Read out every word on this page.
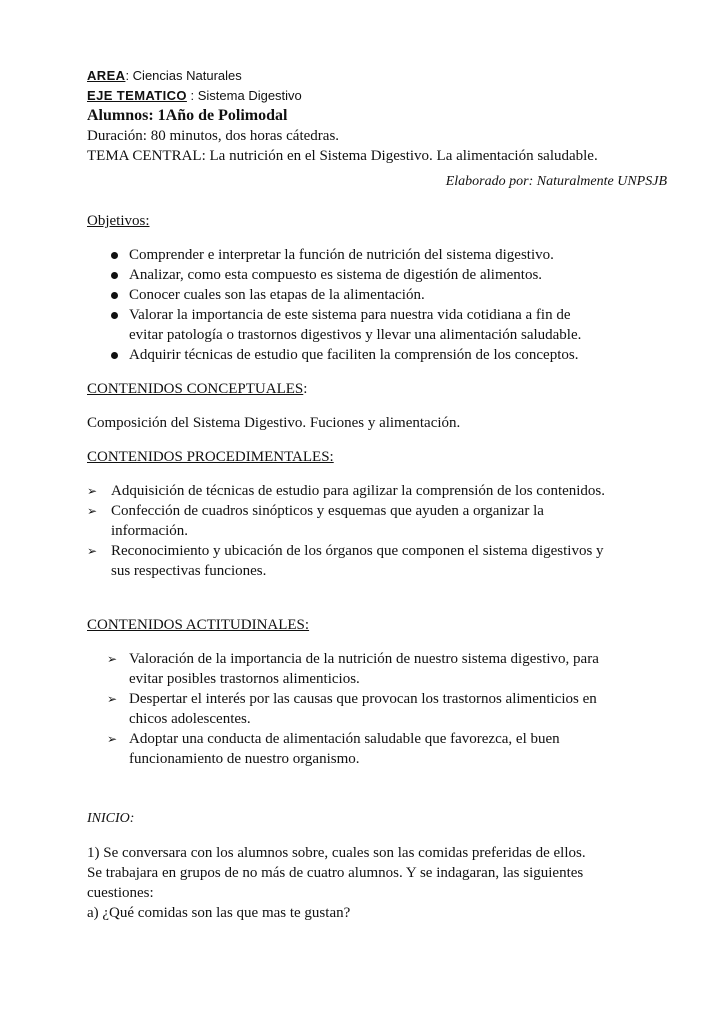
AREA: Ciencias Naturales
EJE TEMATICO : Sistema Digestivo
Alumnos: 1Año de Polimodal
Duración: 80 minutos, dos horas cátedras.
TEMA CENTRAL: La nutrición en el Sistema Digestivo. La alimentación saludable.
Elaborado por: Naturalmente UNPSJB
Objetivos:
Comprender e interpretar la función de nutrición del sistema digestivo.
Analizar, como esta compuesto es sistema de digestión de alimentos.
Conocer cuales son las etapas de la alimentación.
Valorar la importancia de este sistema para nuestra vida cotidiana a fin de
evitar patología o trastornos digestivos y llevar una alimentación saludable.
Adquirir técnicas de estudio que faciliten la comprensión de los conceptos.
CONTENIDOS CONCEPTUALES:
Composición del Sistema Digestivo. Fuciones y alimentación.
CONTENIDOS PROCEDIMENTALES:
➢ Adquisición de técnicas de estudio para agilizar la comprensión de los contenidos.
➢ Confección de cuadros sinópticos y esquemas que ayuden a organizar la
información.
➢ Reconocimiento y ubicación de los órganos que componen el sistema digestivos y
sus respectivas funciones.
CONTENIDOS ACTITUDINALES:
➢ Valoración de la importancia de la nutrición de nuestro sistema digestivo, para
evitar posibles trastornos alimenticios.
➢ Despertar el interés por las causas que provocan los trastornos alimenticios en
chicos adolescentes.
➢ Adoptar una conducta de alimentación saludable que favorezca, el buen
funcionamiento de nuestro organismo.
INICIO:
1) Se conversara con los alumnos sobre, cuales son las comidas preferidas de ellos.
Se trabajara en grupos de no más de cuatro alumnos. Y se indagaran, las siguientes
cuestiones:
a) ¿Qué comidas son las que mas te gustan?
